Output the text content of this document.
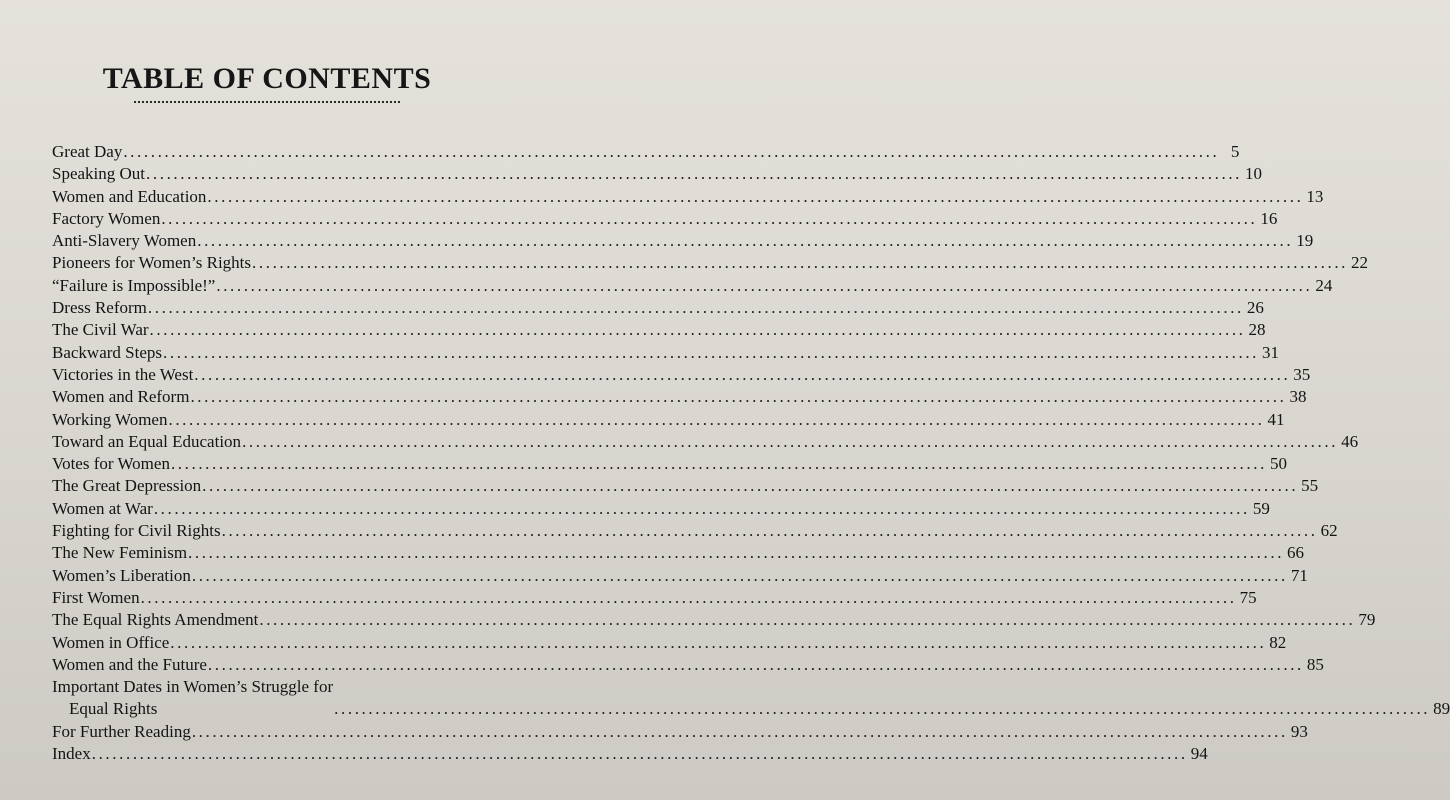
TABLE OF CONTENTS
Great Day ................................................................................................................................................................ 5
Speaking Out ................................................................................................................................................................ 10
Women and Education ................................................................................................................................................................ 13
Factory Women ................................................................................................................................................................ 16
Anti-Slavery Women ................................................................................................................................................................ 19
Pioneers for Women’s Rights ................................................................................................................................................................ 22
“Failure is Impossible!” ................................................................................................................................................................ 24
Dress Reform ................................................................................................................................................................ 26
The Civil War ................................................................................................................................................................ 28
Backward Steps ................................................................................................................................................................ 31
Victories in the West ................................................................................................................................................................ 35
Women and Reform ................................................................................................................................................................ 38
Working Women ................................................................................................................................................................ 41
Toward an Equal Education ................................................................................................................................................................ 46
Votes for Women ................................................................................................................................................................ 50
The Great Depression ................................................................................................................................................................ 55
Women at War ................................................................................................................................................................ 59
Fighting for Civil Rights ................................................................................................................................................................ 62
The New Feminism ................................................................................................................................................................ 66
Women’s Liberation ................................................................................................................................................................ 71
First Women ................................................................................................................................................................ 75
The Equal Rights Amendment ................................................................................................................................................................ 79
Women in Office ................................................................................................................................................................ 82
Women and the Future ................................................................................................................................................................ 85
Important Dates in Women’s Struggle for
Equal Rights	................................................................................................................................................................ 89
For Further Reading ................................................................................................................................................................ 93
Index ................................................................................................................................................................ 94
